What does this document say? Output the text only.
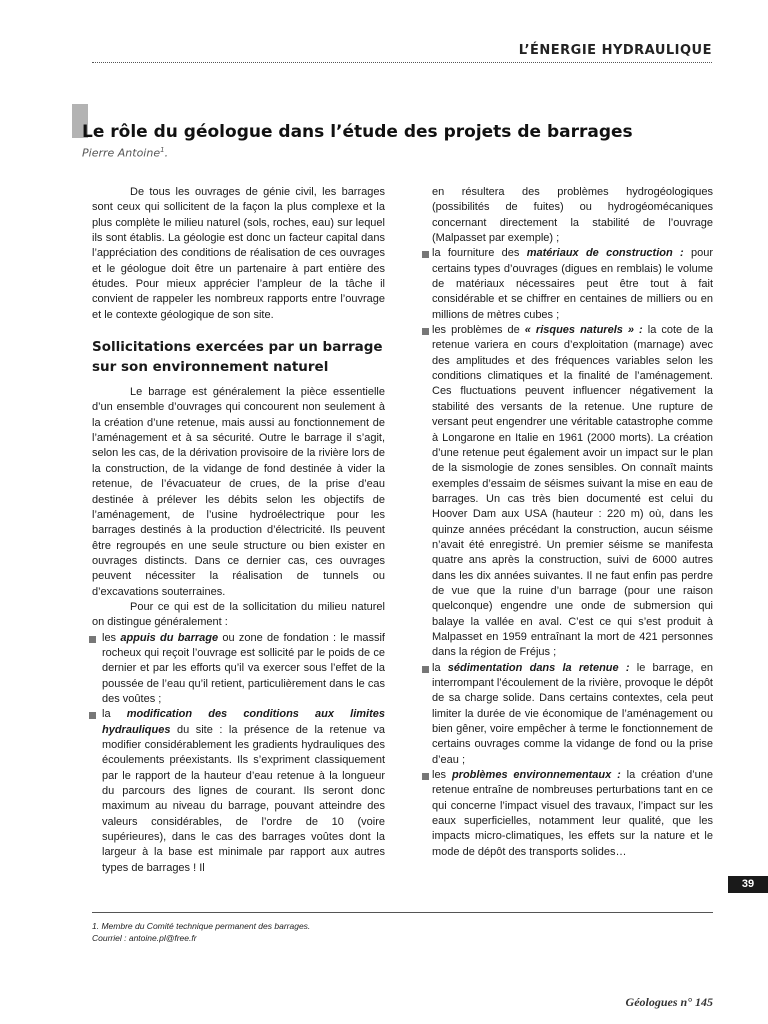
L’ÉNERGIE HYDRAULIQUE
Le rôle du géologue dans l’étude des projets de barrages

Pierre Antoine$^1$.

De tous les ouvrages de génie civil, les barrages sont ceux qui sollicitent de la façon la plus complexe et la plus complète le milieu naturel (sols, roches, eau) sur lequel ils sont établis. La géologie est donc un facteur capital dans l’appréciation des conditions de réalisation de ces ouvrages et le géologue doit être un partenaire à part entière des études. Pour mieux apprécier l’ampleur de la tâche il convient de rappeler les nombreux rapports entre l’ouvrage et le contexte géologique de son site.

Sollicitations exercées par un barrage sur son environnement naturel

Le barrage est généralement la pièce essentielle d’un ensemble d’ouvrages qui concourent non seulement à la création d’une retenue, mais aussi au fonctionnement de l’aménagement et à sa sécurité. Outre le barrage il s’agit, selon les cas, de la dérivation provisoire de la rivière lors de la construction, de la vidange de fond destinée à vider la retenue, de l’évacuateur de crues, de la prise d’eau destinée à prélever les débits selon les objectifs de l’aménagement, de l’usine hydroélectrique pour les barrages destinés à la production d’électricité. Ils peuvent être regroupés en une seule structure ou bien exister en ouvrages distincts. Dans ce dernier cas, ces ouvrages peuvent nécessiter la réalisation de tunnels ou d’excavations souterraines.

Pour ce qui est de la sollicitation du milieu naturel on distingue généralement :

les appuis du barrage ou zone de fondation : le massif rocheux qui reçoit l’ouvrage est sollicité par le poids de ce dernier et par les efforts qu’il va exercer sous l’effet de la poussée de l’eau qu’il retient, particulièrement dans le cas des voûtes ;
la modification des conditions aux limites hydrauliques du site : la présence de la retenue va modifier considérablement les gradients hydrauliques des écoulements préexistants. Ils s’expriment classiquement par le rapport de la hauteur d’eau retenue à la longueur du parcours des lignes de courant. Ils seront donc maximum au niveau du barrage, pouvant atteindre des valeurs considérables, de l’ordre de 10 (voire supérieures), dans le cas des barrages voûtes dont la largeur à la base est minimale par rapport aux autres types de barrages ! Il

en résultera des problèmes hydrogéologiques (possibilités de fuites) ou hydrogéomécaniques concernant directement la stabilité de l’ouvrage (Malpasset par exemple) ;

la fourniture des matériaux de construction : pour certains types d’ouvrages (digues en remblais) le volume de matériaux nécessaires peut être tout à fait considérable et se chiffrer en centaines de milliers ou en millions de mètres cubes ;
les problèmes de « risques naturels » : la cote de la retenue variera en cours d’exploitation (marnage) avec des amplitudes et des fréquences variables selon les conditions climatiques et la finalité de l’aménagement. Ces fluctuations peuvent influencer négativement la stabilité des versants de la retenue. Une rupture de versant peut engendrer une véritable catastrophe comme à Longarone en Italie en 1961 (2000 morts). La création d’une retenue peut également avoir un impact sur le plan de la sismologie de zones sensibles. On connaît maints exemples d’essaim de séismes suivant la mise en eau de barrages. Un cas très bien documenté est celui du Hoover Dam aux USA (hauteur : 220 m) où, dans les quinze années précédant la construction, aucun séisme n’avait été enregistré. Un premier séisme se manifesta quatre ans après la construction, suivi de 6000 autres dans les dix années suivantes. Il ne faut enfin pas perdre de vue que la ruine d’un barrage (pour une raison quelconque) engendre une onde de submersion qui balaye la vallée en aval. C’est ce qui s’est produit à Malpasset en 1959 entraînant la mort de 421 personnes dans la région de Fréjus ;
la sédimentation dans la retenue : le barrage, en interrompant l’écoulement de la rivière, provoque le dépôt de sa charge solide. Dans certains contextes, cela peut limiter la durée de vie économique de l’aménagement ou bien gêner, voire empêcher à terme le fonctionnement de certains ouvrages comme la vidange de fond ou la prise d’eau ;
les problèmes environnementaux : la création d’une retenue entraîne de nombreuses perturbations tant en ce qui concerne l’impact visuel des travaux, l’impact sur les eaux superficielles, notamment leur qualité, que les impacts micro-climatiques, les effets sur la nature et le mode de dépôt des transports solides…
39

1. Membre du Comité technique permanent des barrages.

Courriel : antoine.pl@free.fr

Géologues n° 145
